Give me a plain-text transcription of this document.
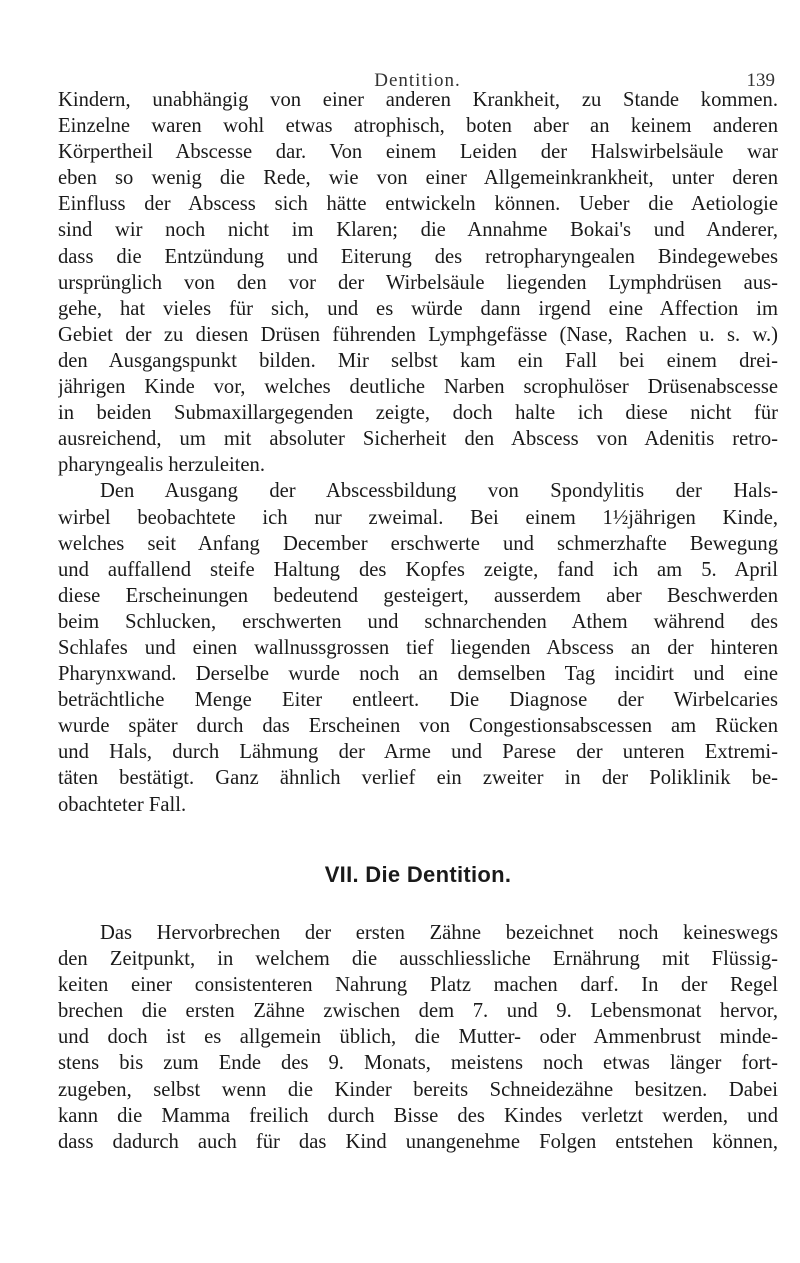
Dentition.	139
Kindern, unabhängig von einer anderen Krankheit, zu Stande kommen.
Einzelne waren wohl etwas atrophisch, boten aber an keinem anderen
Körpertheil Abscesse dar. Von einem Leiden der Halswirbelsäule war
eben so wenig die Rede, wie von einer Allgemeinkrankheit, unter deren
Einfluss der Abscess sich hätte entwickeln können. Ueber die Aetiologie
sind wir noch nicht im Klaren; die Annahme Bokai's und Anderer,
dass die Entzündung und Eiterung des retropharyngealen Bindegewebes
ursprünglich von den vor der Wirbelsäule liegenden Lymphdrüsen aus-
gehe, hat vieles für sich, und es würde dann irgend eine Affection im
Gebiet der zu diesen Drüsen führenden Lymphgefässe (Nase, Rachen u. s. w.)
den Ausgangspunkt bilden. Mir selbst kam ein Fall bei einem drei-
jährigen Kinde vor, welches deutliche Narben scrophulöser Drüsenabscesse
in beiden Submaxillargegenden zeigte, doch halte ich diese nicht für
ausreichend, um mit absoluter Sicherheit den Abscess von Adenitis retro-
pharyngealis herzuleiten.
Den Ausgang der Abscessbildung von Spondylitis der Hals-
wirbel beobachtete ich nur zweimal. Bei einem 1½jährigen Kinde,
welches seit Anfang December erschwerte und schmerzhafte Bewegung
und auffallend steife Haltung des Kopfes zeigte, fand ich am 5. April
diese Erscheinungen bedeutend gesteigert, ausserdem aber Beschwerden
beim Schlucken, erschwerten und schnarchenden Athem während des
Schlafes und einen wallnussgrossen tief liegenden Abscess an der hinteren
Pharynxwand. Derselbe wurde noch an demselben Tag incidirt und eine
beträchtliche Menge Eiter entleert. Die Diagnose der Wirbelcaries
wurde später durch das Erscheinen von Congestionsabscessen am Rücken
und Hals, durch Lähmung der Arme und Parese der unteren Extremi-
täten bestätigt. Ganz ähnlich verlief ein zweiter in der Poliklinik be-
obachteter Fall.
VII. Die Dentition.
Das Hervorbrechen der ersten Zähne bezeichnet noch keineswegs
den Zeitpunkt, in welchem die ausschliessliche Ernährung mit Flüssig-
keiten einer consistenteren Nahrung Platz machen darf. In der Regel
brechen die ersten Zähne zwischen dem 7. und 9. Lebensmonat hervor,
und doch ist es allgemein üblich, die Mutter- oder Ammenbrust minde-
stens bis zum Ende des 9. Monats, meistens noch etwas länger fort-
zugeben, selbst wenn die Kinder bereits Schneidezähne besitzen. Dabei
kann die Mamma freilich durch Bisse des Kindes verletzt werden, und
dass dadurch auch für das Kind unangenehme Folgen entstehen können,
